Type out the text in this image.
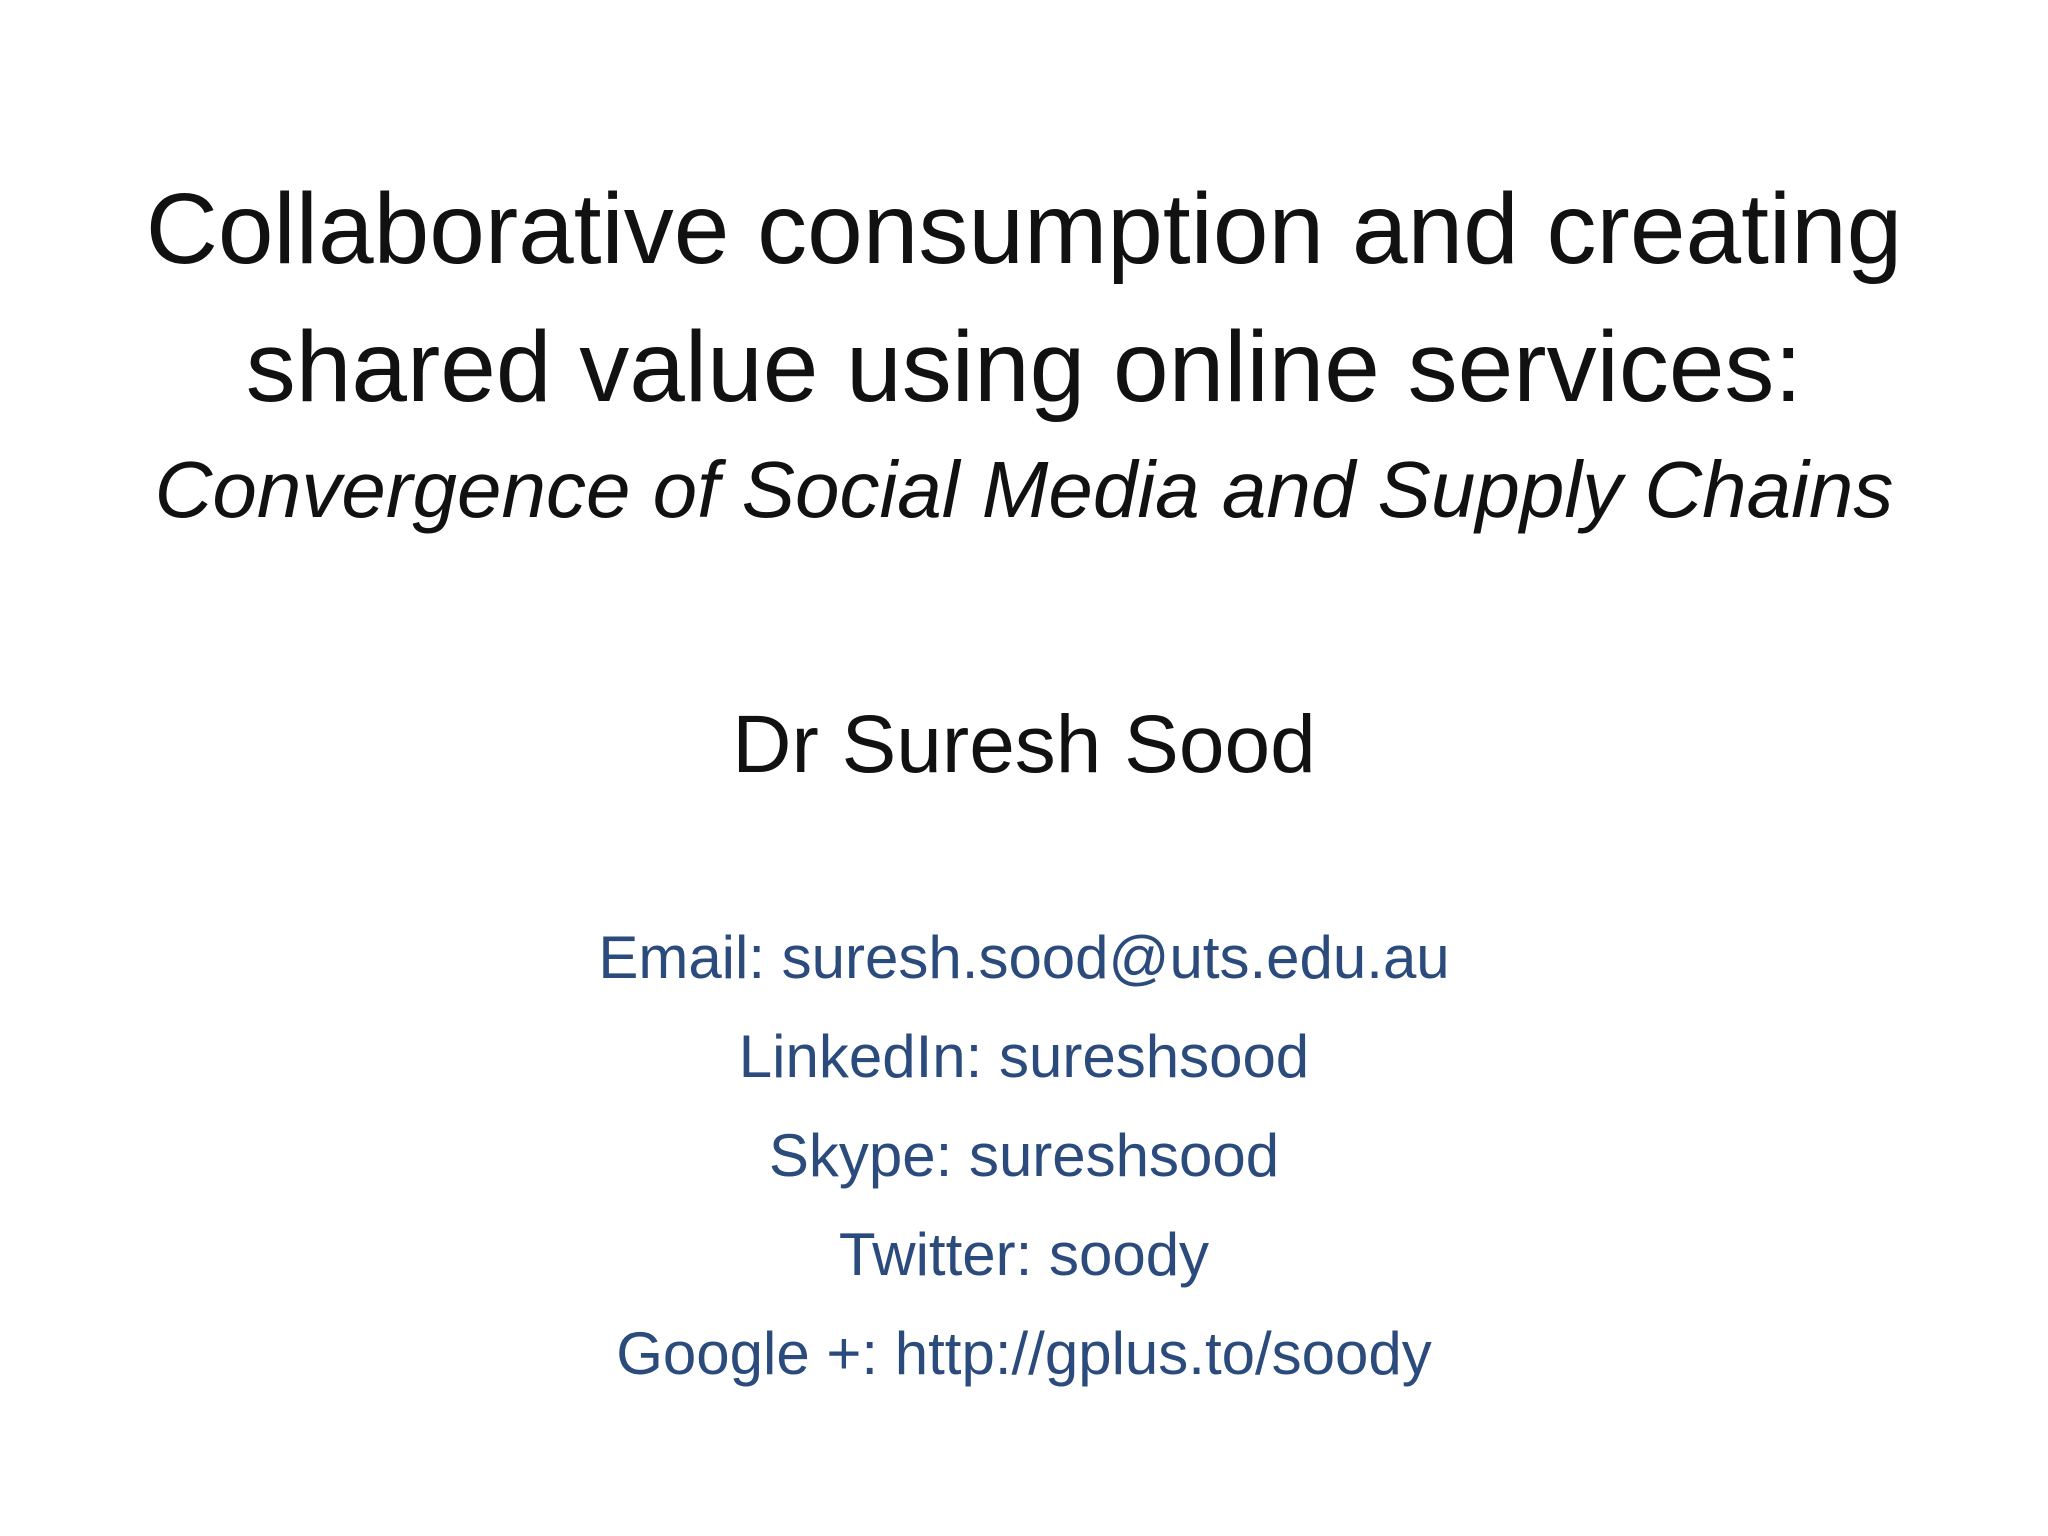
Collaborative consumption and creating
shared value using online services:
Convergence of Social Media and Supply Chains
Dr Suresh Sood
Email: suresh.sood@uts.edu.au
LinkedIn: sureshsood
Skype: sureshsood
Twitter: soody
Google +: http://gplus.to/soody
